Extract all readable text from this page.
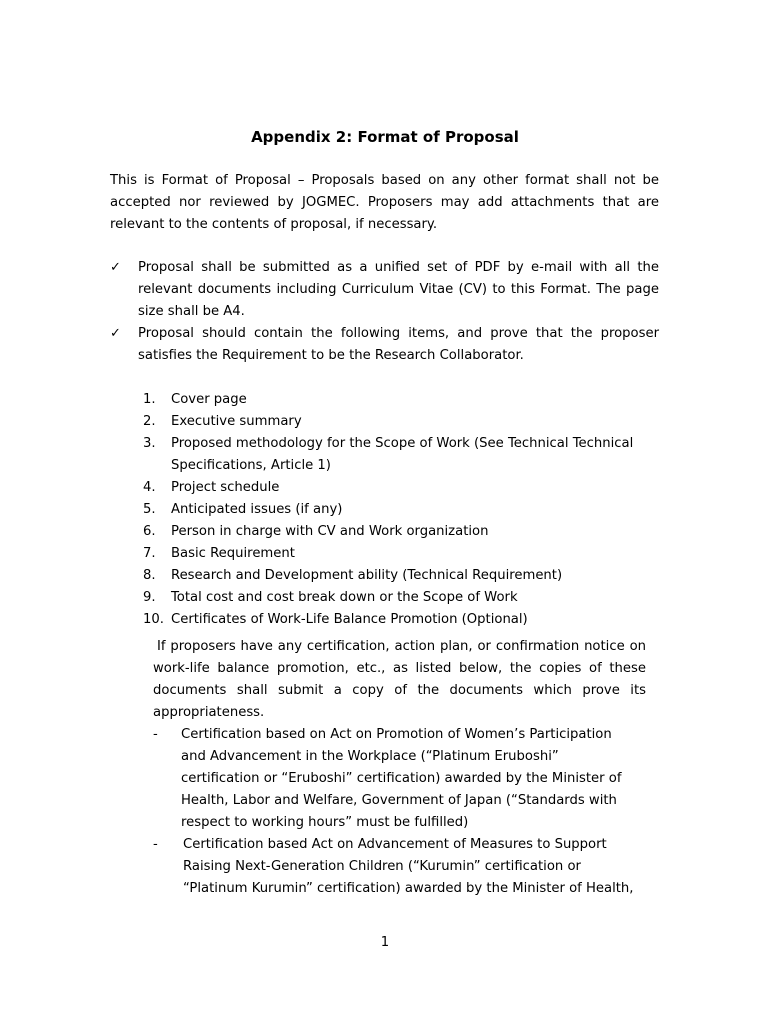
Appendix 2: Format of Proposal

This is Format of Proposal – Proposals based on any other format shall not be accepted nor reviewed by JOGMEC. Proposers may add attachments that are relevant to the contents of proposal, if necessary.

✓ Proposal shall be submitted as a unified set of PDF by e-mail with all the relevant documents including Curriculum Vitae (CV) to this Format. The page size shall be A4.
✓ Proposal should contain the following items, and prove that the proposer satisfies the Requirement to be the Research Collaborator.
1.	Cover page
2.	Executive summary
3.	Proposed methodology for the Scope of Work (See Technical Technical Specifications, Article 1)
4.	Project schedule
5.	Anticipated issues (if any)
6.	Person in charge with CV and Work organization
7.	Basic Requirement
8.	Research and Development ability (Technical Requirement)
9.	Total cost and cost break down or the Scope of Work
10. Certificates of Work-Life Balance Promotion (Optional)

If proposers have any certification, action plan, or confirmation notice on work-life balance promotion, etc., as listed below, the copies of these documents shall submit a copy of the documents which prove its appropriateness.

-	Certification based on Act on Promotion of Women’s Participation
and Advancement in the Workplace (“Platinum Eruboshi”
certification or “Eruboshi” certification) awarded by the Minister of
Health, Labor and Welfare, Government of Japan (“Standards with
respect to working hours” must be fulfilled)
-	Certification based Act on Advancement of Measures to Support
Raising Next-Generation Children (“Kurumin” certification or
“Platinum Kurumin” certification) awarded by the Minister of Health,
1
